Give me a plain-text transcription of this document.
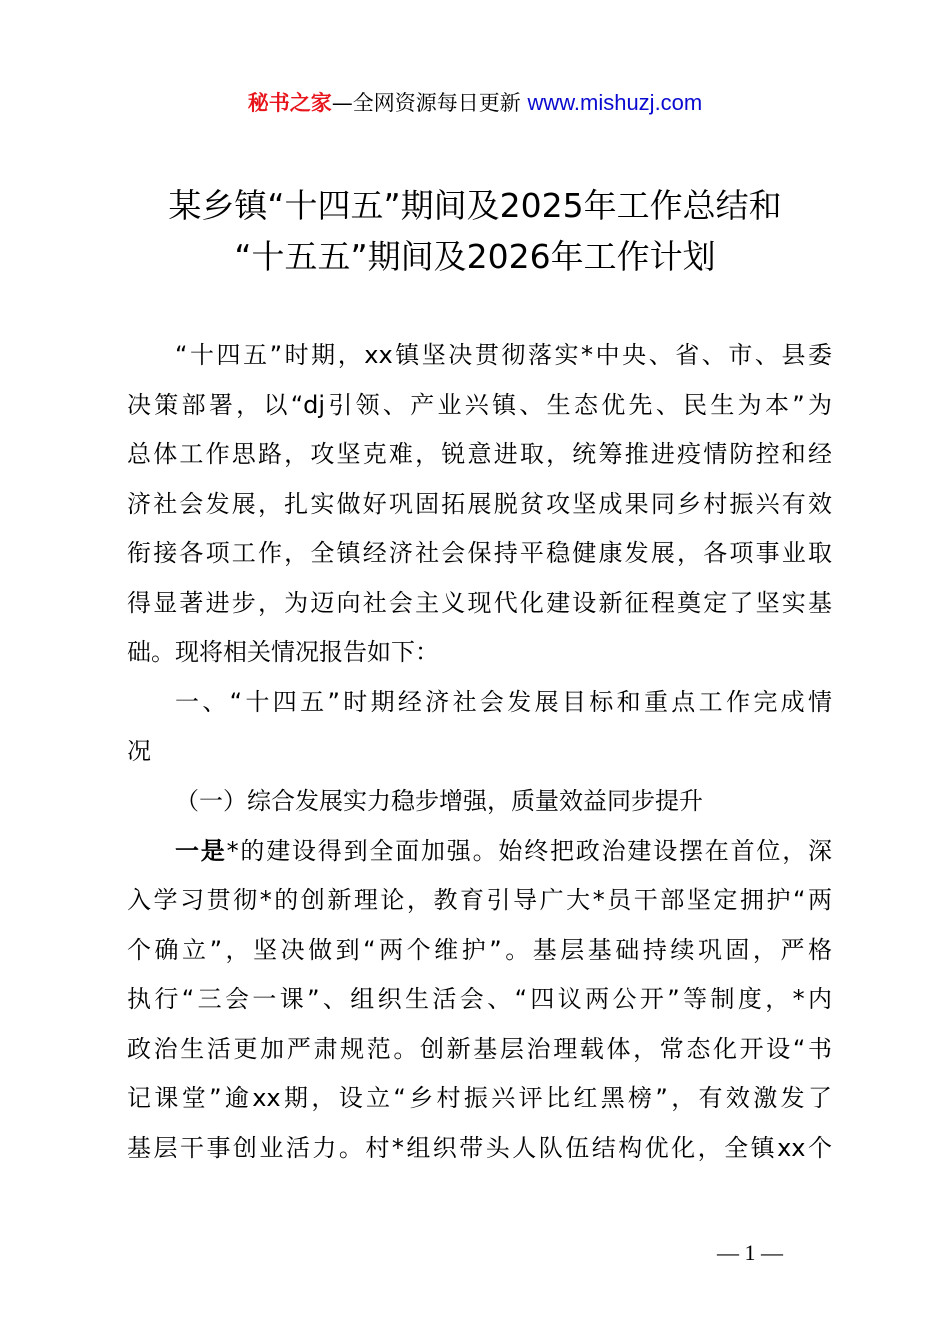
秘书之家—全网资源每日更新 www.mishuzj.com
某乡镇“十四五”期间及2025年工作总结和
“十五五”期间及2026年工作计划
“十四五”时期，xx镇坚决贯彻落实*中央、省、市、县委
决策部署，以“dj引领、产业兴镇、生态优先、民生为本”为
总体工作思路，攻坚克难，锐意进取，统筹推进疫情防控和经
济社会发展，扎实做好巩固拓展脱贫攻坚成果同乡村振兴有效
衔接各项工作，全镇经济社会保持平稳健康发展，各项事业取
得显著进步，为迈向社会主义现代化建设新征程奠定了坚实基
础。现将相关情况报告如下：
一、“十四五”时期经济社会发展目标和重点工作完成情
况
（一）综合发展实力稳步增强，质量效益同步提升
一是*的建设得到全面加强。始终把政治建设摆在首位，深
入学习贯彻*的创新理论，教育引导广大*员干部坚定拥护“两
个确立”，坚决做到“两个维护”。基层基础持续巩固，严格
执行“三会一课”、组织生活会、“四议两公开”等制度，*内
政治生活更加严肃规范。创新基层治理载体，常态化开设“书
记课堂”逾xx期，设立“乡村振兴评比红黑榜”，有效激发了
基层干事创业活力。村*组织带头人队伍结构优化，全镇xx个
— 1 —
